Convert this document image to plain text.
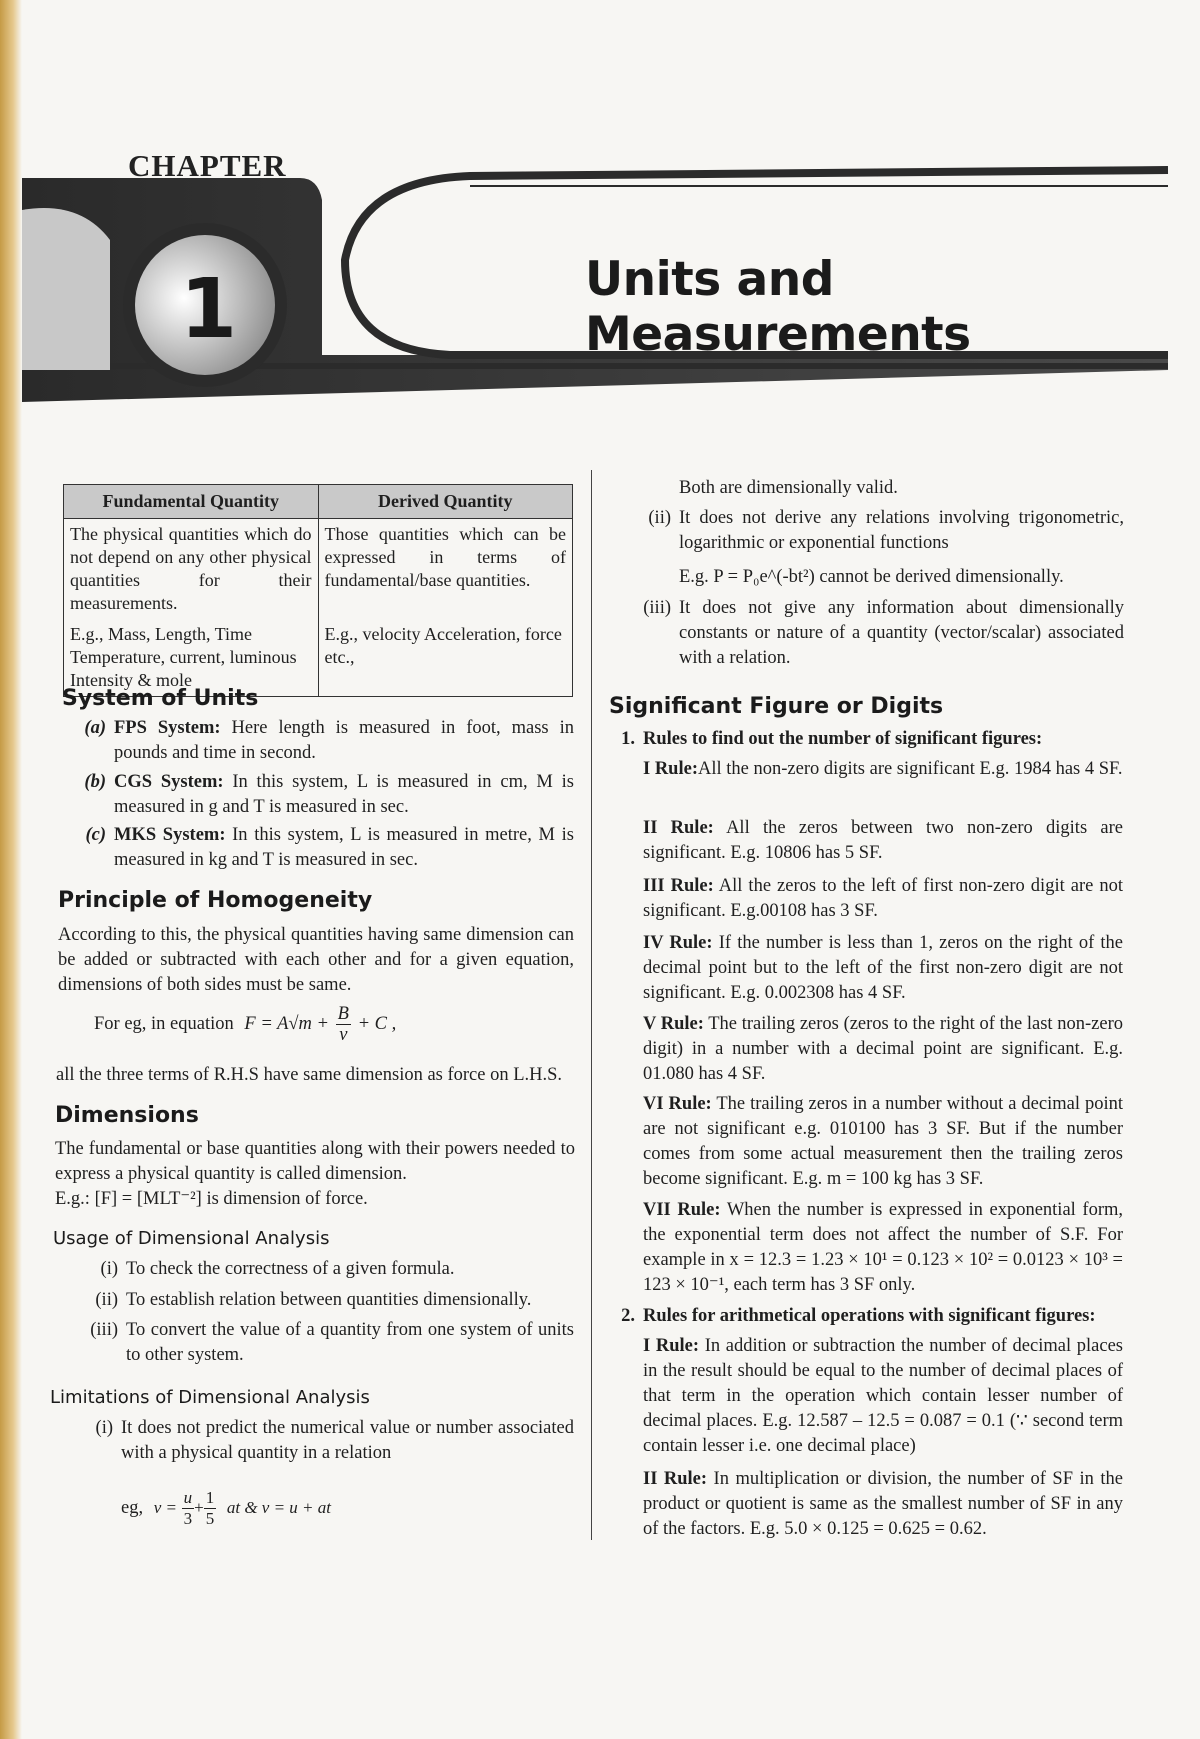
CHAPTER
1	Units and Measurements
Fundamental Quantity	Derived Quantity
The physical quantities which do not depend on any other physical quantities for their measurements.	Those quantities which can be expressed in terms of fundamental/base quantities.
E.g., Mass, Length, Time Temperature, current, luminous Intensity & mole	E.g., velocity Acceleration, force etc.,
System of Units
(a) FPS System: Here length is measured in foot, mass in pounds and time in second.
(b) CGS System: In this system, L is measured in cm, M is measured in g and T is measured in sec.
(c) MKS System: In this system, L is measured in metre, M is measured in kg and T is measured in sec.
Principle of Homogeneity
According to this, the physical quantities having same dimension can be added or subtracted with each other and for a given equation, dimensions of both sides must be same.
For eg, in equation $F = A√m + \frac{B}{v} + C$ ,
all the three terms of R.H.S have same dimension as force on L.H.S.
Dimensions
The fundamental or base quantities along with their powers needed to express a physical quantity is called dimension.
E.g.: [F] = [MLT⁻²] is dimension of force.
Usage of Dimensional Analysis
(i) To check the correctness of a given formula.
(ii) To establish relation between quantities dimensionally.
(iii) To convert the value of a quantity from one system of units to other system.
Limitations of Dimensional Analysis
(i) It does not predict the numerical value or number associated with a physical quantity in a relation
eg, $v = \frac{u}{3} + \frac{1}{5}$ at & v = u + at
Both are dimensionally valid.
(ii) It does not derive any relations involving trigonometric, logarithmic or exponential functions
E.g. P = P₀e^(-bt²) cannot be derived dimensionally.
(iii) It does not give any information about dimensionally constants or nature of a quantity (vector/scalar) associated with a relation.
Significant Figure or Digits
1. Rules to find out the number of significant figures:
I Rule:All the non-zero digits are significant E.g. 1984 has 4 SF.
II Rule: All the zeros between two non-zero digits are significant. E.g. 10806 has 5 SF.
III Rule: All the zeros to the left of first non-zero digit are not significant. E.g.00108 has 3 SF.
IV Rule: If the number is less than 1, zeros on the right of the decimal point but to the left of the first non-zero digit are not significant. E.g. 0.002308 has 4 SF.
V Rule: The trailing zeros (zeros to the right of the last non-zero digit) in a number with a decimal point are significant. E.g. 01.080 has 4 SF.
VI Rule: The trailing zeros in a number without a decimal point are not significant e.g. 010100 has 3 SF. But if the number comes from some actual measurement then the trailing zeros become significant. E.g. m = 100 kg has 3 SF.
VII Rule: When the number is expressed in exponential form, the exponential term does not affect the number of S.F. For example in x = 12.3 = 1.23 × 10¹ = 0.123 × 10² = 0.0123 × 10³ = 123 × 10⁻¹, each term has 3 SF only.
2. Rules for arithmetical operations with significant figures:
I Rule: In addition or subtraction the number of decimal places in the result should be equal to the number of decimal places of that term in the operation which contain lesser number of decimal places. E.g. 12.587 – 12.5 = 0.087 = 0.1 (∵ second term contain lesser i.e. one decimal place)
II Rule: In multiplication or division, the number of SF in the product or quotient is same as the smallest number of SF in any of the factors. E.g. 5.0 × 0.125 = 0.625 = 0.62.
